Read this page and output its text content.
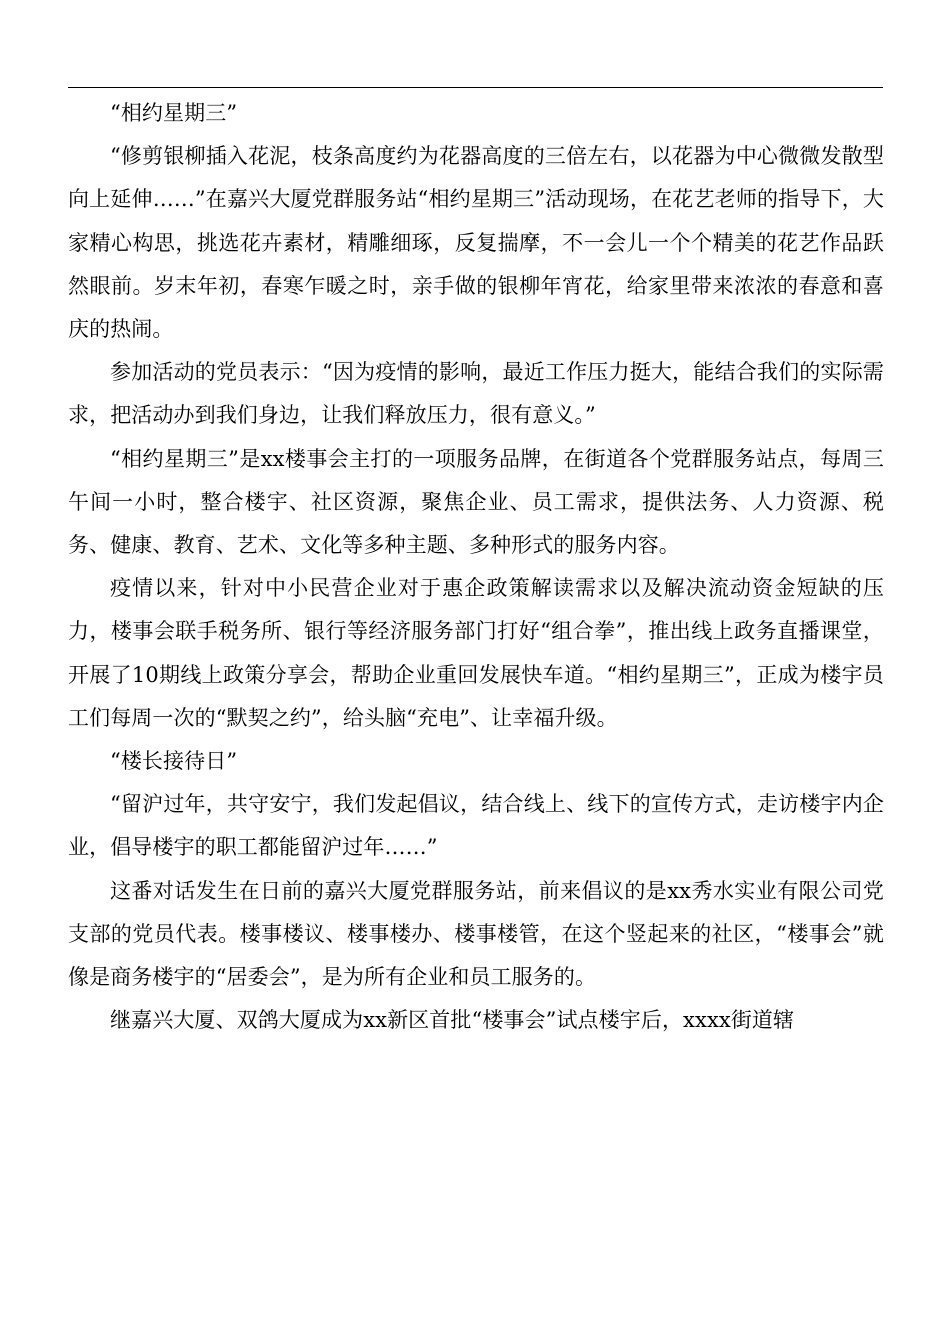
“相约星期三”

“修剪银柳插入花泥，枝条高度约为花器高度的三倍左右，以花器为中心微微发散型向上延伸……”在嘉兴大厦党群服务站“相约星期三”活动现场，在花艺老师的指导下，大家精心构思，挑选花卉素材，精雕细琢，反复揣摩，不一会儿一个个精美的花艺作品跃然眼前。岁末年初，春寒乍暖之时，亲手做的银柳年宵花，给家里带来浓浓的春意和喜庆的热闹。

参加活动的党员表示：“因为疫情的影响，最近工作压力挺大，能结合我们的实际需求，把活动办到我们身边，让我们释放压力，很有意义。”

“相约星期三”是xx楼事会主打的一项服务品牌，在街道各个党群服务站点，每周三午间一小时，整合楼宇、社区资源，聚焦企业、员工需求，提供法务、人力资源、税务、健康、教育、艺术、文化等多种主题、多种形式的服务内容。

疫情以来，针对中小民营企业对于惠企政策解读需求以及解决流动资金短缺的压力，楼事会联手税务所、银行等经济服务部门打好“组合拳”，推出线上政务直播课堂，开展了10期线上政策分享会，帮助企业重回发展快车道。“相约星期三”，正成为楼宇员工们每周一次的“默契之约”，给头脑“充电”、让幸福升级。

“楼长接待日”

“留沪过年，共守安宁，我们发起倡议，结合线上、线下的宣传方式，走访楼宇内企业，倡导楼宇的职工都能留沪过年……”

这番对话发生在日前的嘉兴大厦党群服务站，前来倡议的是xx秀水实业有限公司党支部的党员代表。楼事楼议、楼事楼办、楼事楼管，在这个竖起来的社区，“楼事会”就像是商务楼宇的“居委会”，是为所有企业和员工服务的。

继嘉兴大厦、双鸽大厦成为xx新区首批“楼事会”试点楼宇后，xxxx街道辖
